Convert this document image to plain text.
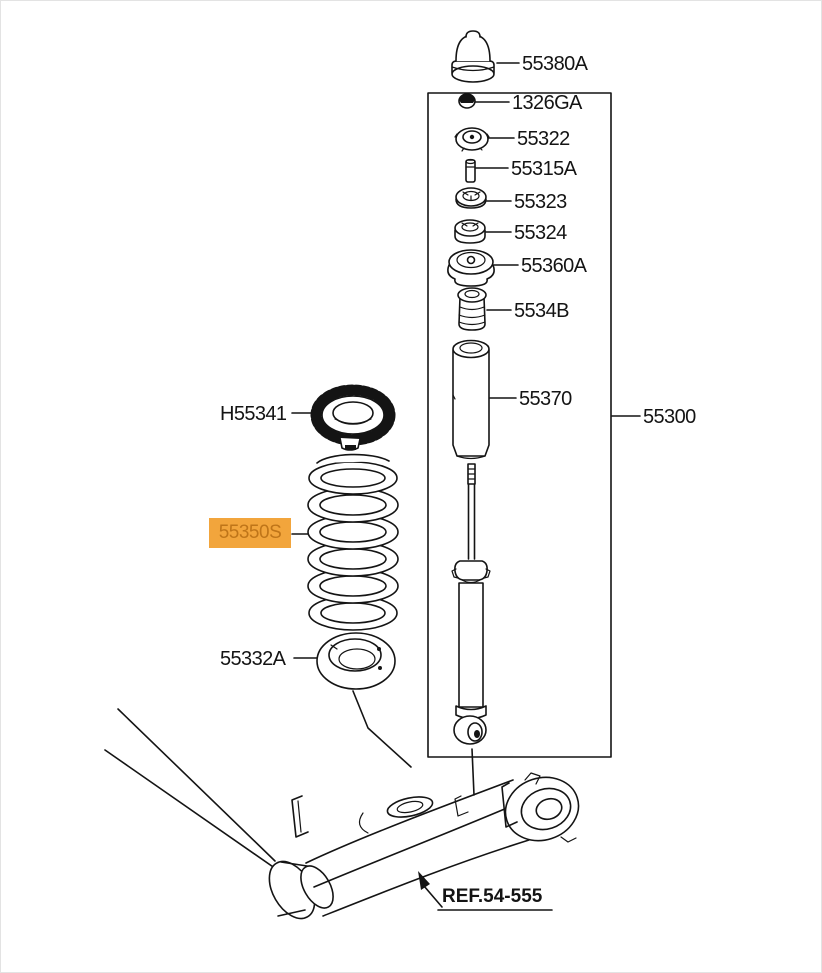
55380A
1326GA
55322
55315A
55323
55324
55360A
5534B
55370
55300
H55341
55332A
55350S
REF.54-555
